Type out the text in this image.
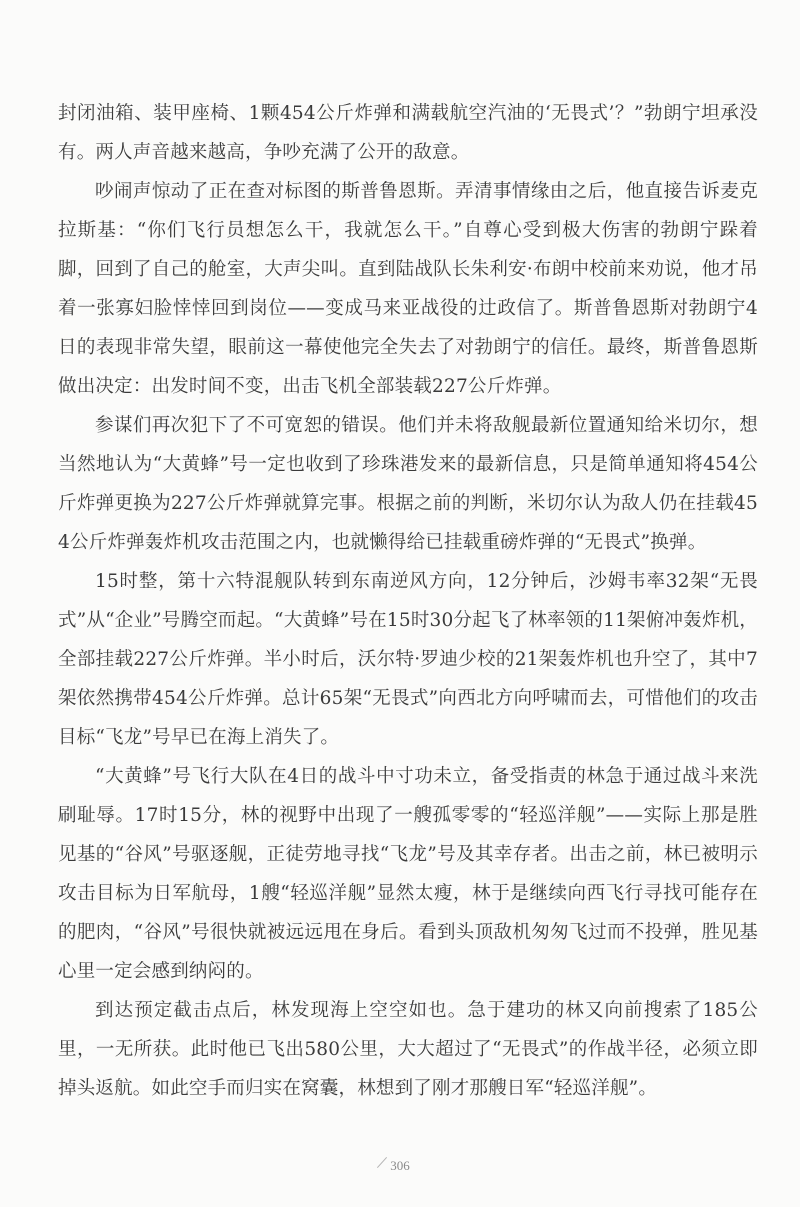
封闭油箱、装甲座椅、1颗454公斤炸弹和满载航空汽油的‘无畏式’？”勃朗宁坦承没有。两人声音越来越高，争吵充满了公开的敌意。

吵闹声惊动了正在查对标图的斯普鲁恩斯。弄清事情缘由之后，他直接告诉麦克拉斯基：“你们飞行员想怎么干，我就怎么干。”自尊心受到极大伤害的勃朗宁跺着脚，回到了自己的舱室，大声尖叫。直到陆战队长朱利安·布朗中校前来劝说，他才吊着一张寡妇脸悻悻回到岗位——变成马来亚战役的辻政信了。斯普鲁恩斯对勃朗宁4日的表现非常失望，眼前这一幕使他完全失去了对勃朗宁的信任。最终，斯普鲁恩斯做出决定：出发时间不变，出击飞机全部装载227公斤炸弹。

参谋们再次犯下了不可宽恕的错误。他们并未将敌舰最新位置通知给米切尔，想当然地认为“大黄蜂”号一定也收到了珍珠港发来的最新信息，只是简单通知将454公斤炸弹更换为227公斤炸弹就算完事。根据之前的判断，米切尔认为敌人仍在挂载454公斤炸弹轰炸机攻击范围之内，也就懒得给已挂载重磅炸弹的“无畏式”换弹。

15时整，第十六特混舰队转到东南逆风方向，12分钟后，沙姆韦率32架“无畏式”从“企业”号腾空而起。“大黄蜂”号在15时30分起飞了林率领的11架俯冲轰炸机，全部挂载227公斤炸弹。半小时后，沃尔特·罗迪少校的21架轰炸机也升空了，其中7架依然携带454公斤炸弹。总计65架“无畏式”向西北方向呼啸而去，可惜他们的攻击目标“飞龙”号早已在海上消失了。

“大黄蜂”号飞行大队在4日的战斗中寸功未立，备受指责的林急于通过战斗来洗刷耻辱。17时15分，林的视野中出现了一艘孤零零的“轻巡洋舰”——实际上那是胜见基的“谷风”号驱逐舰，正徒劳地寻找“飞龙”号及其幸存者。出击之前，林已被明示攻击目标为日军航母，1艘“轻巡洋舰”显然太瘦，林于是继续向西飞行寻找可能存在的肥肉，“谷风”号很快就被远远甩在身后。看到头顶敌机匆匆飞过而不投弹，胜见基心里一定会感到纳闷的。

到达预定截击点后，林发现海上空空如也。急于建功的林又向前搜索了185公里，一无所获。此时他已飞出580公里，大大超过了“无畏式”的作战半径，必须立即掉头返航。如此空手而归实在窝囊，林想到了刚才那艘日军“轻巡洋舰”。

306
